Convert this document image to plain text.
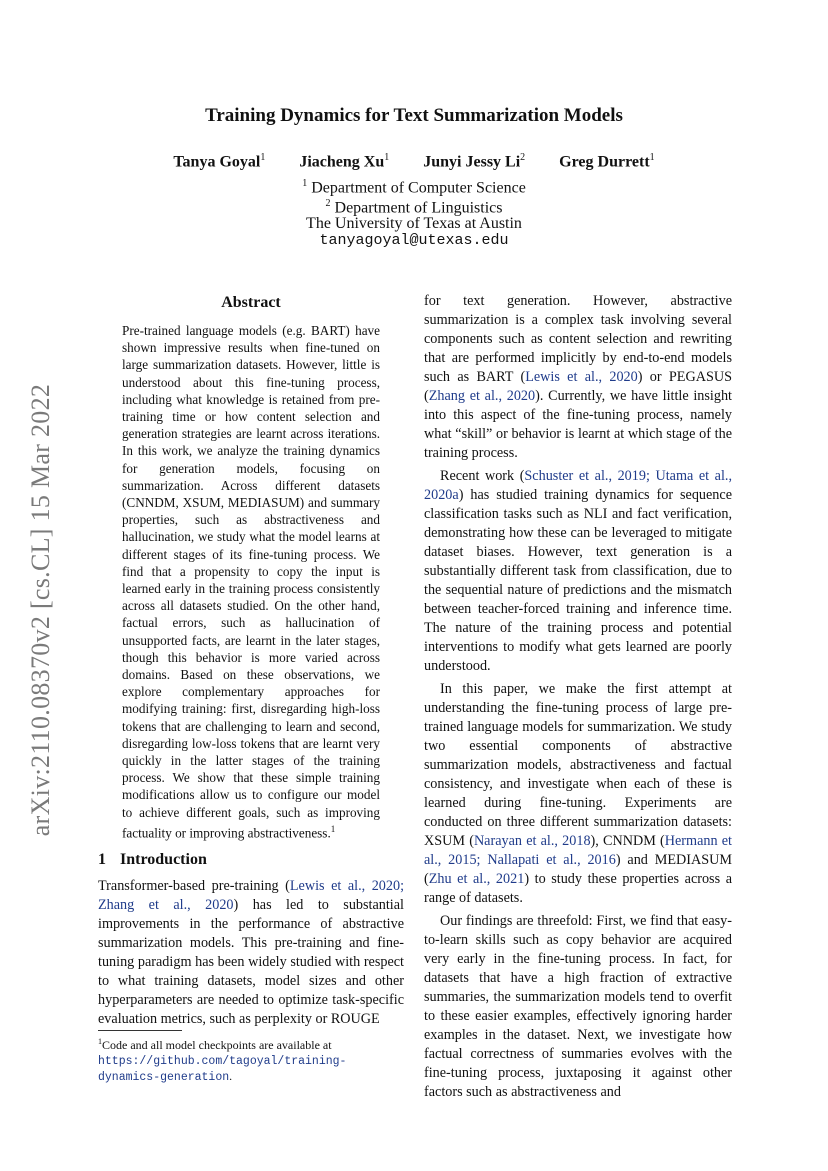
arXiv:2110.08370v2 [cs.CL] 15 Mar 2022
Training Dynamics for Text Summarization Models
Tanya Goyal$^1$ Jiacheng Xu$^1$ Junyi Jessy Li$^2$ Greg Durrett$^1$
$^1$ Department of Computer Science
$^2$ Department of Linguistics
The University of Texas at Austin
tanyagoyal@utexas.edu
Abstract
Pre-trained language models (e.g. BART) have shown impressive results when fine-tuned on large summarization datasets. However, little is understood about this fine-tuning process, including what knowledge is retained from pre-training time or how content selection and generation strategies are learnt across iterations. In this work, we analyze the training dynamics for generation models, focusing on summarization. Across different datasets (CNNDM, XSUM, MEDIASUM) and summary properties, such as abstractiveness and hallucination, we study what the model learns at different stages of its fine-tuning process. We find that a propensity to copy the input is learned early in the training process consistently across all datasets studied. On the other hand, factual errors, such as hallucination of unsupported facts, are learnt in the later stages, though this behavior is more varied across domains. Based on these observations, we explore complementary approaches for modifying training: first, disregarding high-loss tokens that are challenging to learn and second, disregarding low-loss tokens that are learnt very quickly in the latter stages of the training process. We show that these simple training modifications allow us to configure our model to achieve different goals, such as improving factuality or improving abstractiveness.$^1$
1 Introduction

Transformer-based pre-training (Lewis et al., 2020; Zhang et al., 2020) has led to substantial improvements in the performance of abstractive summarization models. This pre-training and fine-tuning paradigm has been widely studied with respect to what training datasets, model sizes and other hyperparameters are needed to optimize task-specific evaluation metrics, such as perplexity or ROUGE

for text generation. However, abstractive summarization is a complex task involving several components such as content selection and rewriting that are performed implicitly by end-to-end models such as BART (Lewis et al., 2020) or PEGASUS (Zhang et al., 2020). Currently, we have little insight into this aspect of the fine-tuning process, namely what “skill” or behavior is learnt at which stage of the training process.

Recent work (Schuster et al., 2019; Utama et al., 2020a) has studied training dynamics for sequence classification tasks such as NLI and fact verification, demonstrating how these can be leveraged to mitigate dataset biases. However, text generation is a substantially different task from classification, due to the sequential nature of predictions and the mismatch between teacher-forced training and inference time. The nature of the training process and potential interventions to modify what gets learned are poorly understood.

In this paper, we make the first attempt at understanding the fine-tuning process of large pre-trained language models for summarization. We study two essential components of abstractive summarization models, abstractiveness and factual consistency, and investigate when each of these is learned during fine-tuning. Experiments are conducted on three different summarization datasets: XSUM (Narayan et al., 2018), CNNDM (Hermann et al., 2015; Nallapati et al., 2016) and MEDIASUM (Zhu et al., 2021) to study these properties across a range of datasets.

Our findings are threefold: First, we find that easy-to-learn skills such as copy behavior are acquired very early in the fine-tuning process. In fact, for datasets that have a high fraction of extractive summaries, the summarization models tend to overfit to these easier examples, effectively ignoring harder examples in the dataset. Next, we investigate how factual correctness of summaries evolves with the fine-tuning process, juxtaposing it against other factors such as abstractiveness and

$^1$Code and all model checkpoints are available at
https://github.com/tagoyal/training-dynamics-generation.
